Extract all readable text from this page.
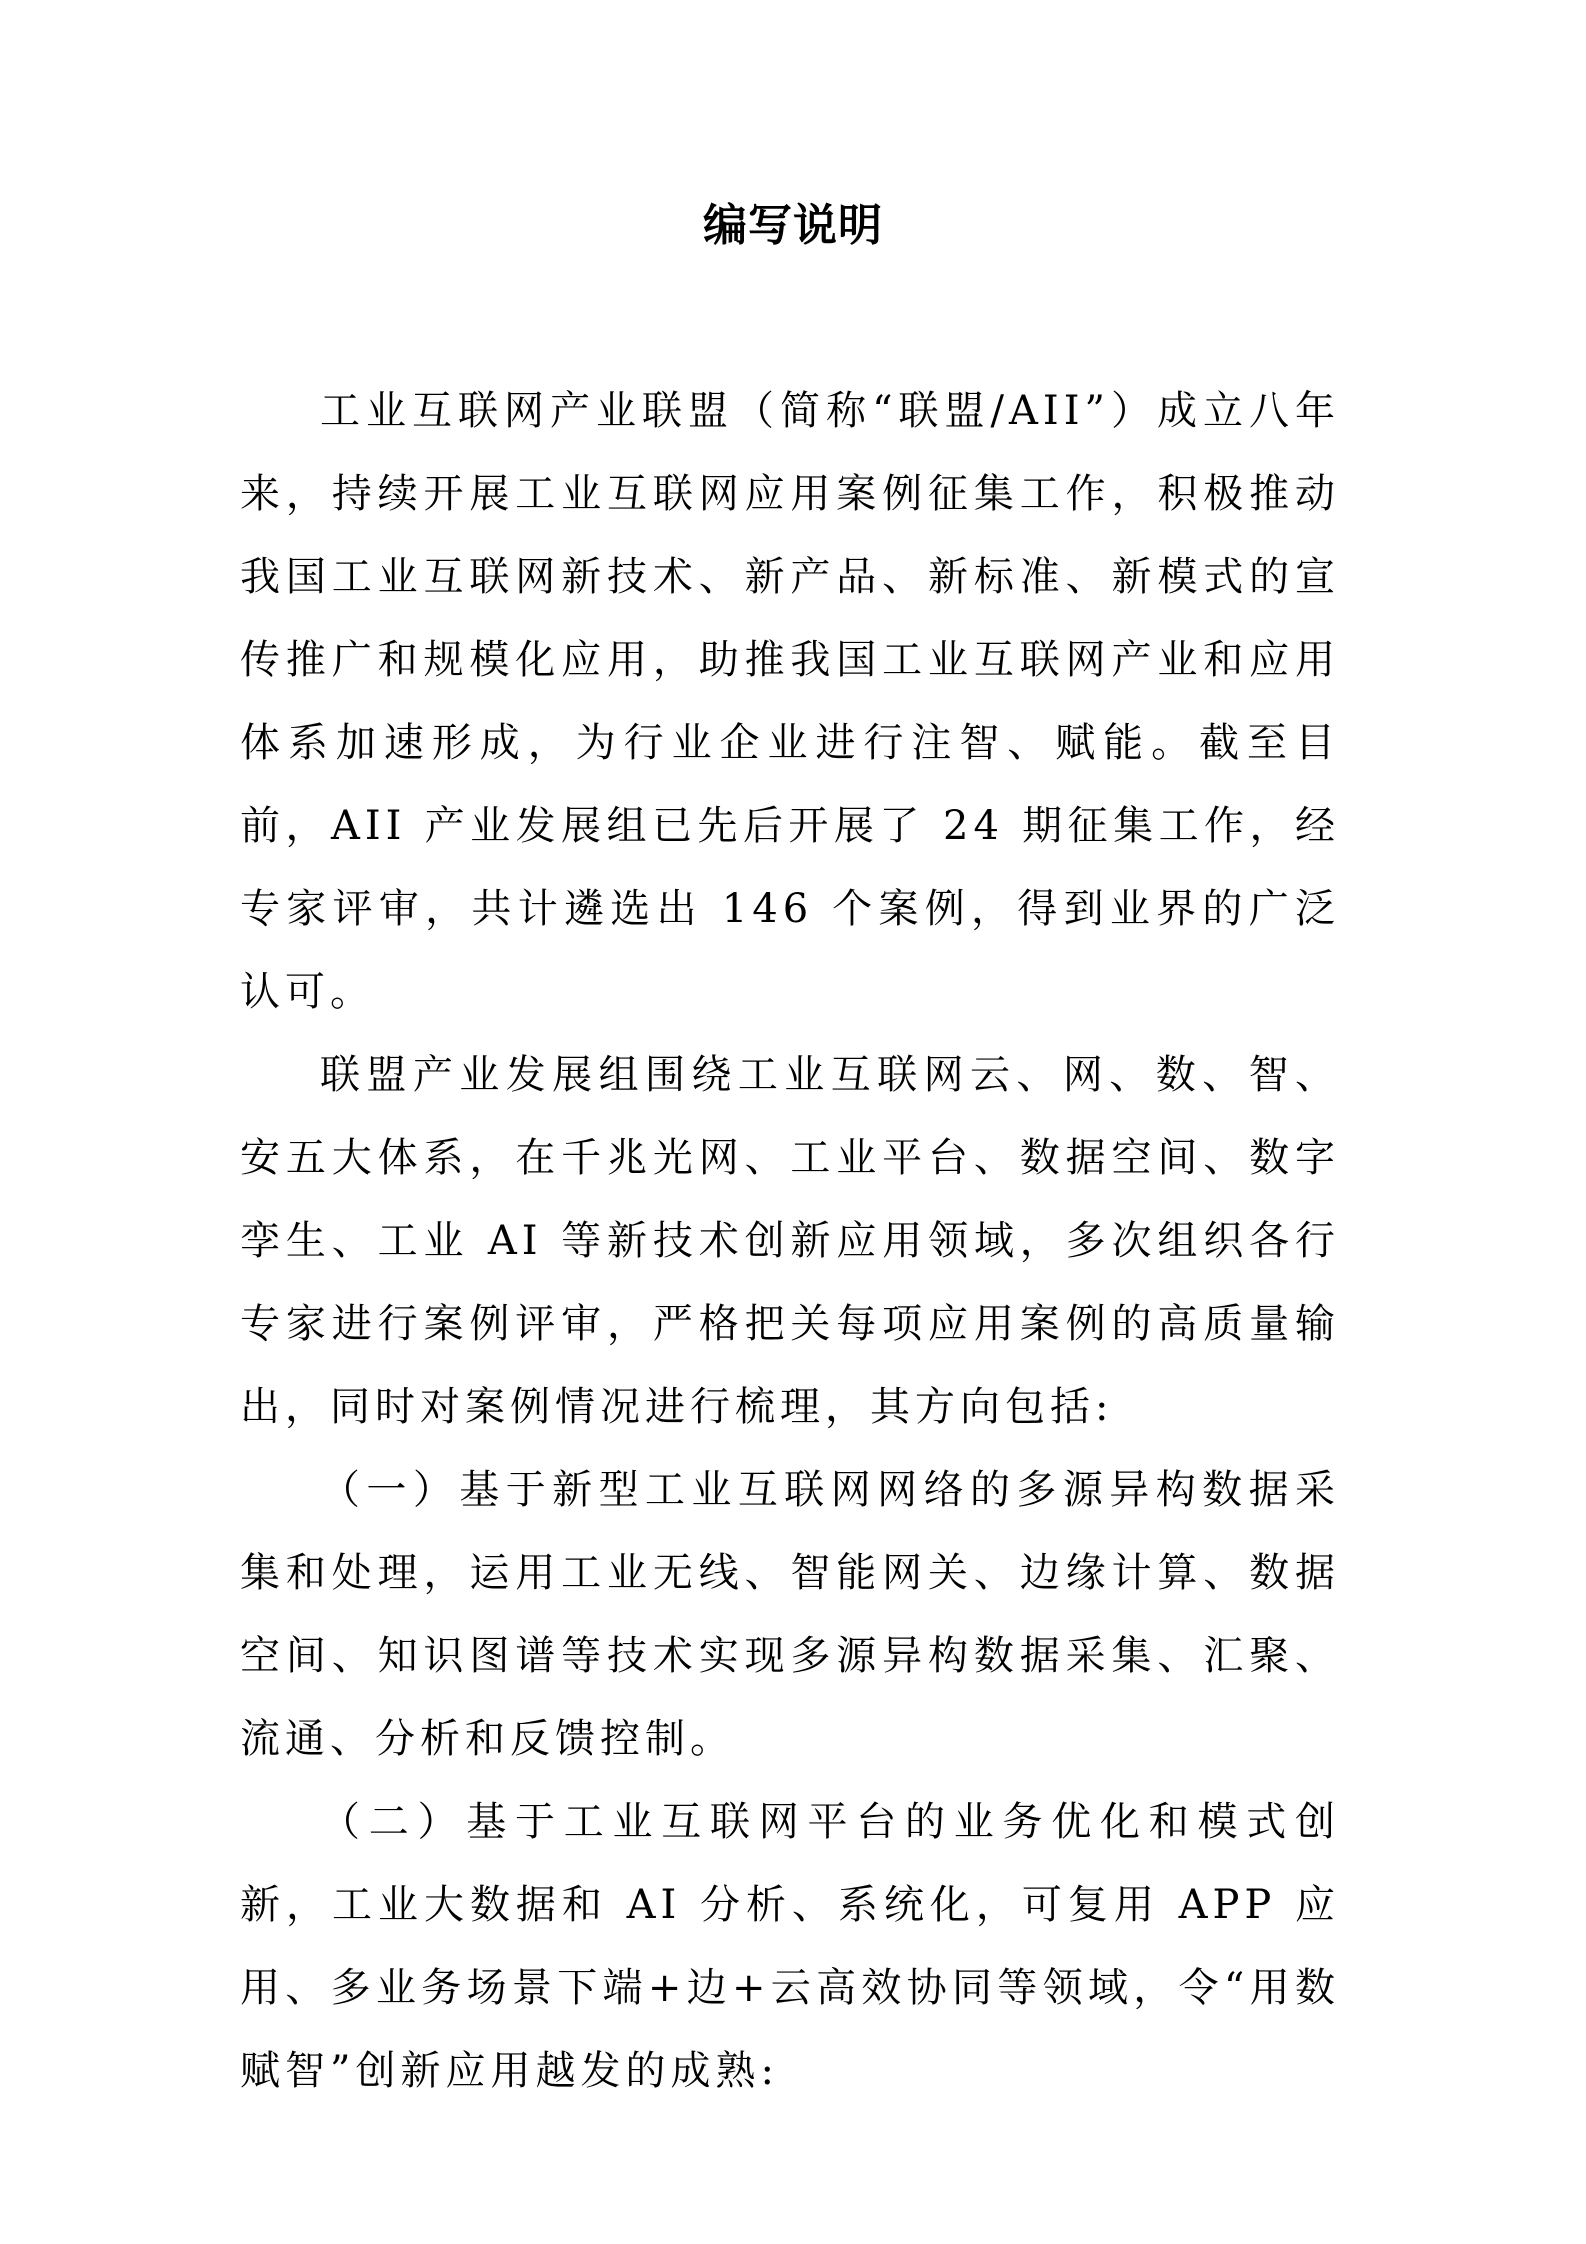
编写说明

工业互联网产业联盟（简称“联盟/AII”）成立八年来，持续开展工业互联网应用案例征集工作，积极推动我国工业互联网新技术、新产品、新标准、新模式的宣传推广和规模化应用，助推我国工业互联网产业和应用体系加速形成，为行业企业进行注智、赋能。截至目前，AII 产业发展组已先后开展了 24 期征集工作，经专家评审，共计遴选出 146 个案例，得到业界的广泛认可。

联盟产业发展组围绕工业互联网云、网、数、智、安五大体系，在千兆光网、工业平台、数据空间、数字孪生、工业 AI 等新技术创新应用领域，多次组织各行专家进行案例评审，严格把关每项应用案例的高质量输出，同时对案例情况进行梳理，其方向包括:

（一）基于新型工业互联网网络的多源异构数据采集和处理，运用工业无线、智能网关、边缘计算、数据空间、知识图谱等技术实现多源异构数据采集、汇聚、流通、分析和反馈控制。

（二）基于工业互联网平台的业务优化和模式创新，工业大数据和 AI 分析、系统化，可复用 APP 应用、多业务场景下端+边+云高效协同等领域，令“用数赋智”创新应用越发的成熟:
